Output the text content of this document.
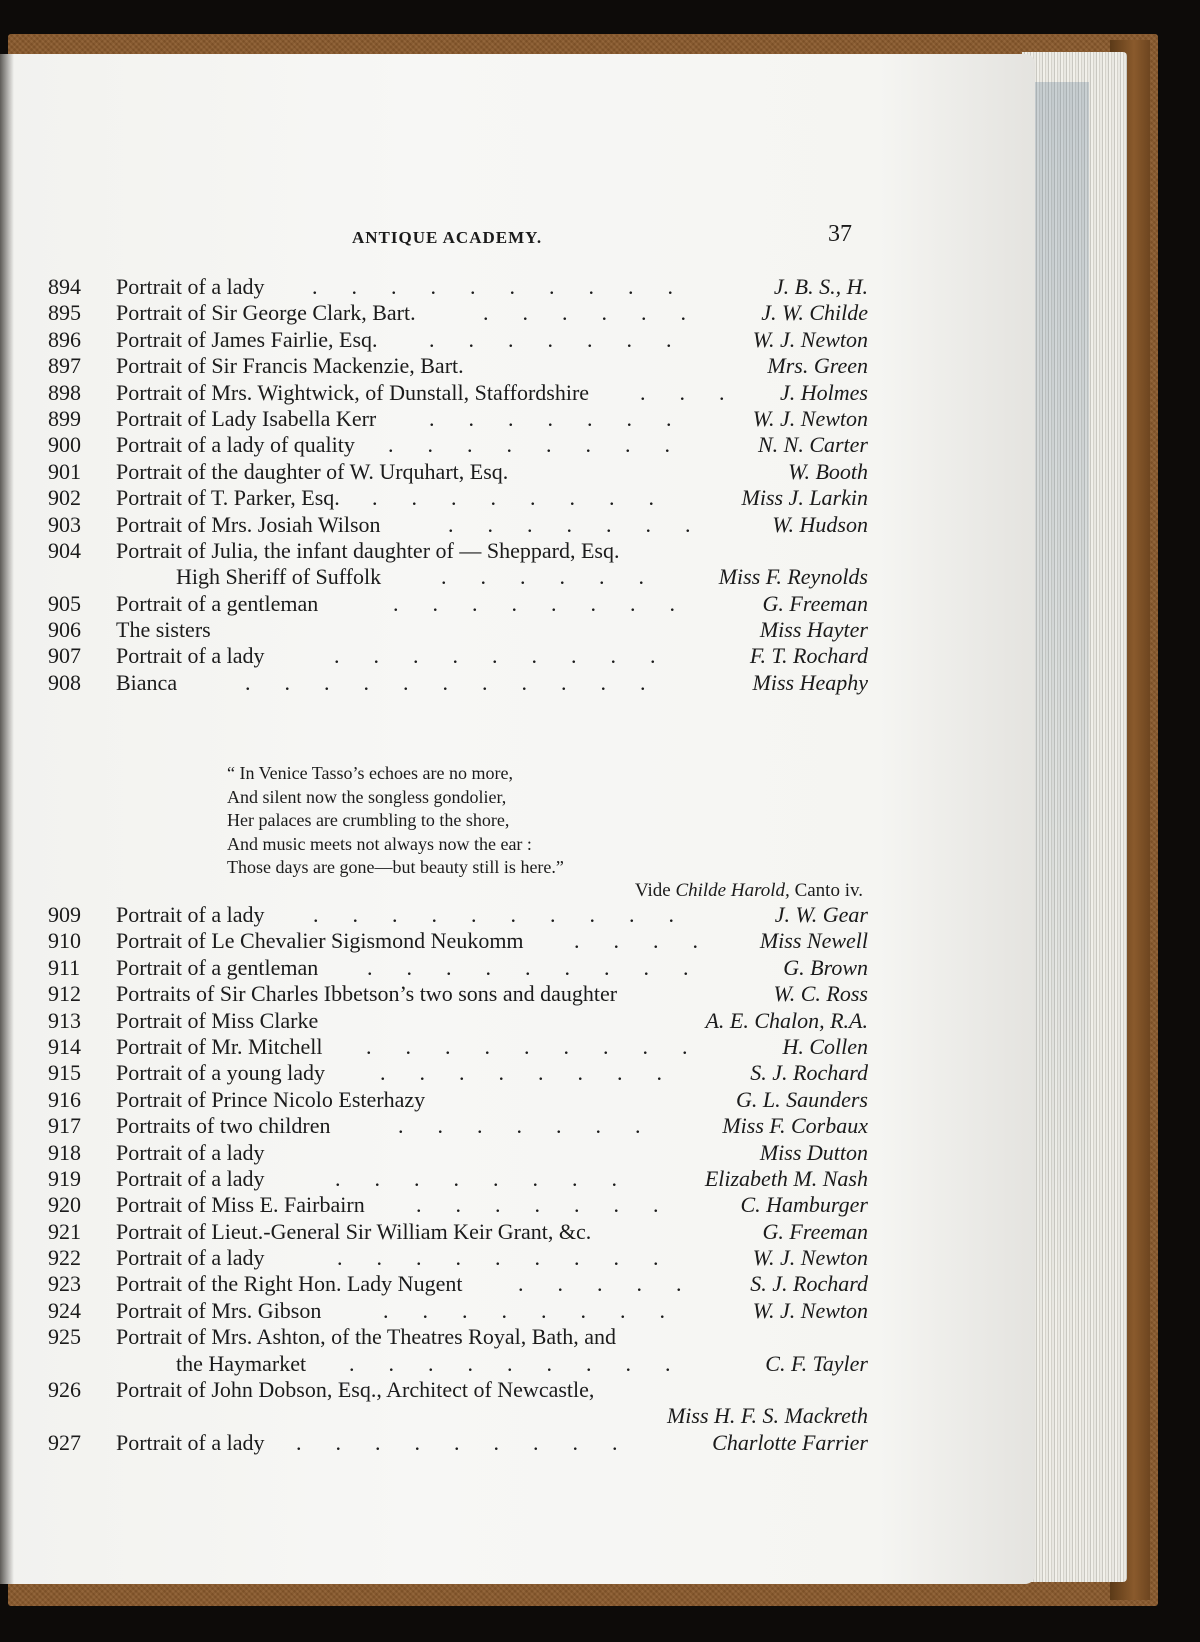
ANTIQUE ACADEMY.	37
894	Portrait of a lady	J. B. S., H.
..........
895	Portrait of Sir George Clark, Bart.	J. W. Childe
......
896	Portrait of James Fairlie, Esq.	W. J. Newton
.......
897	Portrait of Sir Francis Mackenzie, Bart.	Mrs. Green
898	Portrait of Mrs. Wightwick, of Dunstall, Staffordshire	J. Holmes
...
899	Portrait of Lady Isabella Kerr	W. J. Newton
.......
900	Portrait of a lady of quality	N. N. Carter
........
901	Portrait of the daughter of W. Urquhart, Esq.	W. Booth
902	Portrait of T. Parker, Esq.	Miss J. Larkin
........
903	Portrait of Mrs. Josiah Wilson	W. Hudson
.......
904	Portrait of Julia, the infant daughter of — Sheppard, Esq.
High Sheriff of Suffolk	Miss F. Reynolds
......
905	Portrait of a gentleman	G. Freeman
........
906	The sisters	Miss Hayter
907	Portrait of a lady	F. T. Rochard
.........
908	Bianca	Miss Heaphy
...........
“ In Venice Tasso’s echoes are no more,
And silent now the songless gondolier,
Her palaces are crumbling to the shore,
And music meets not always now the ear :
Those days are gone—but beauty still is here.”
Vide Childe Harold, Canto iv.
909	Portrait of a lady	J. W. Gear
..........
910	Portrait of Le Chevalier Sigismond Neukomm	Miss Newell
....
911	Portrait of a gentleman	G. Brown
.........
912	Portraits of Sir Charles Ibbetson’s two sons and daughter	W. C. Ross
913	Portrait of Miss Clarke	A. E. Chalon, R.A.
914	Portrait of Mr. Mitchell	H. Collen
.........
915	Portrait of a young lady	S. J. Rochard
........
916	Portrait of Prince Nicolo Esterhazy	G. L. Saunders
917	Portraits of two children	Miss F. Corbaux
.......
918	Portrait of a lady	Miss Dutton
919	Portrait of a lady	Elizabeth M. Nash
........
920	Portrait of Miss E. Fairbairn	C. Hamburger
.......
921	Portrait of Lieut.-General Sir William Keir Grant, &c.	G. Freeman
922	Portrait of a lady	W. J. Newton
.........
923	Portrait of the Right Hon. Lady Nugent	S. J. Rochard
.....
924	Portrait of Mrs. Gibson	W. J. Newton
........
925	Portrait of Mrs. Ashton, of the Theatres Royal, Bath, and
the Haymarket	C. F. Tayler
.........
926	Portrait of John Dobson, Esq., Architect of Newcastle,
Miss H. F. S. Mackreth
927	Portrait of a lady	Charlotte Farrier
.........
